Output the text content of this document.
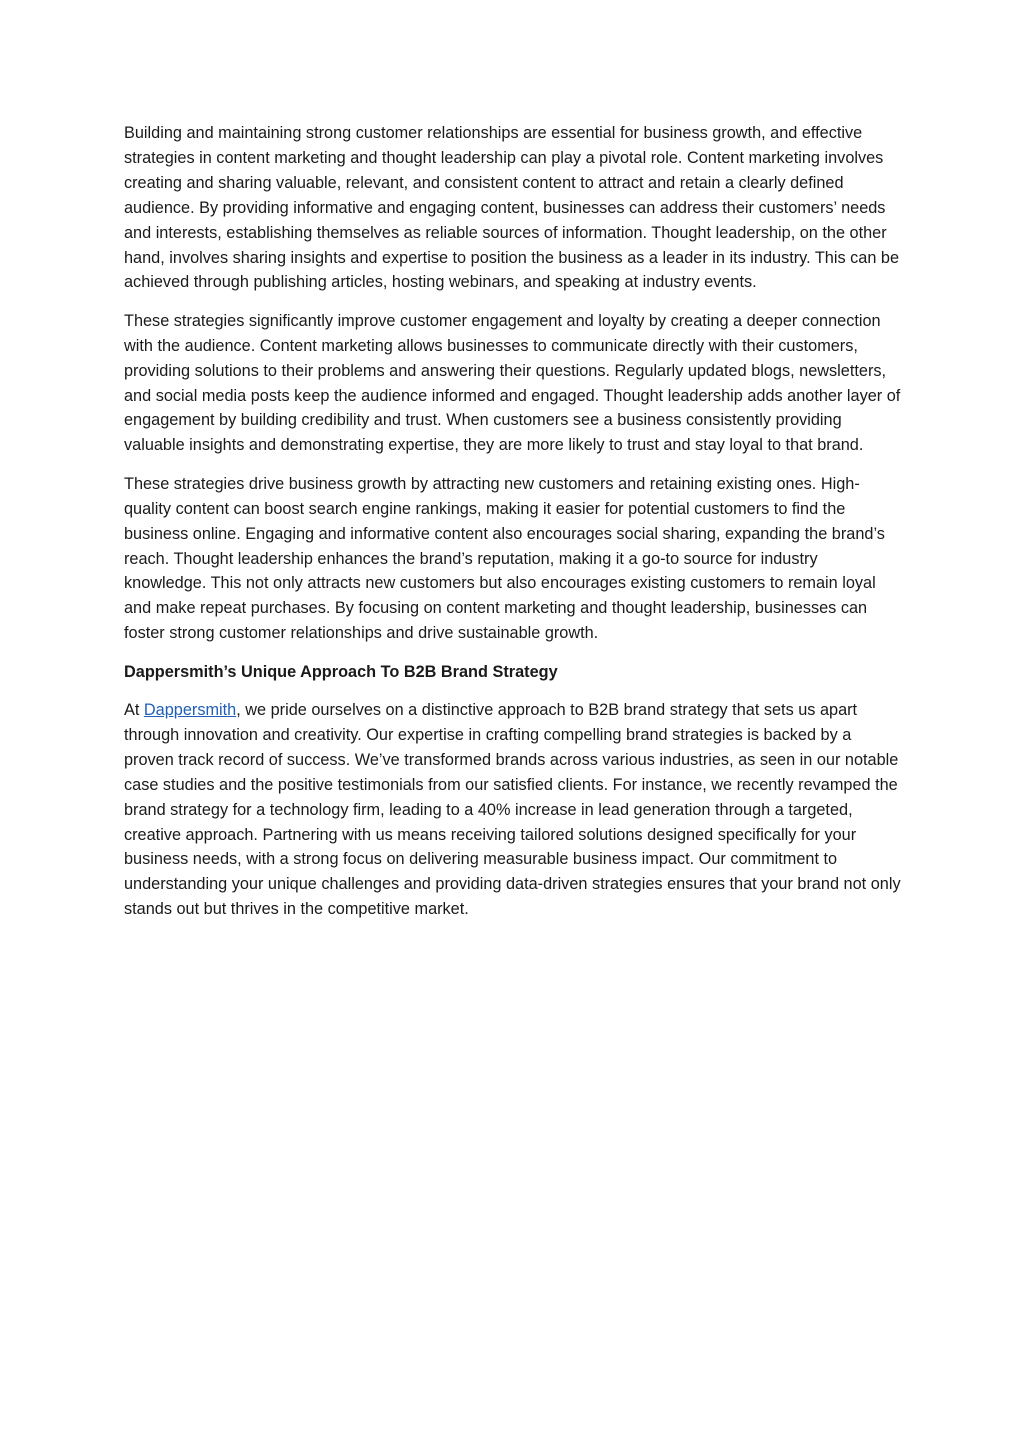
Building and maintaining strong customer relationships are essential for business growth, and effective strategies in content marketing and thought leadership can play a pivotal role. Content marketing involves creating and sharing valuable, relevant, and consistent content to attract and retain a clearly defined audience. By providing informative and engaging content, businesses can address their customers’ needs and interests, establishing themselves as reliable sources of information. Thought leadership, on the other hand, involves sharing insights and expertise to position the business as a leader in its industry. This can be achieved through publishing articles, hosting webinars, and speaking at industry events.

These strategies significantly improve customer engagement and loyalty by creating a deeper connection with the audience. Content marketing allows businesses to communicate directly with their customers, providing solutions to their problems and answering their questions. Regularly updated blogs, newsletters, and social media posts keep the audience informed and engaged. Thought leadership adds another layer of engagement by building credibility and trust. When customers see a business consistently providing valuable insights and demonstrating expertise, they are more likely to trust and stay loyal to that brand.

These strategies drive business growth by attracting new customers and retaining existing ones. High-quality content can boost search engine rankings, making it easier for potential customers to find the business online. Engaging and informative content also encourages social sharing, expanding the brand’s reach. Thought leadership enhances the brand’s reputation, making it a go-to source for industry knowledge. This not only attracts new customers but also encourages existing customers to remain loyal and make repeat purchases. By focusing on content marketing and thought leadership, businesses can foster strong customer relationships and drive sustainable growth.

Dappersmith’s Unique Approach To B2B Brand Strategy

At Dappersmith, we pride ourselves on a distinctive approach to B2B brand strategy that sets us apart through innovation and creativity. Our expertise in crafting compelling brand strategies is backed by a proven track record of success. We’ve transformed brands across various industries, as seen in our notable case studies and the positive testimonials from our satisfied clients. For instance, we recently revamped the brand strategy for a technology firm, leading to a 40% increase in lead generation through a targeted, creative approach. Partnering with us means receiving tailored solutions designed specifically for your business needs, with a strong focus on delivering measurable business impact. Our commitment to understanding your unique challenges and providing data-driven strategies ensures that your brand not only stands out but thrives in the competitive market.
